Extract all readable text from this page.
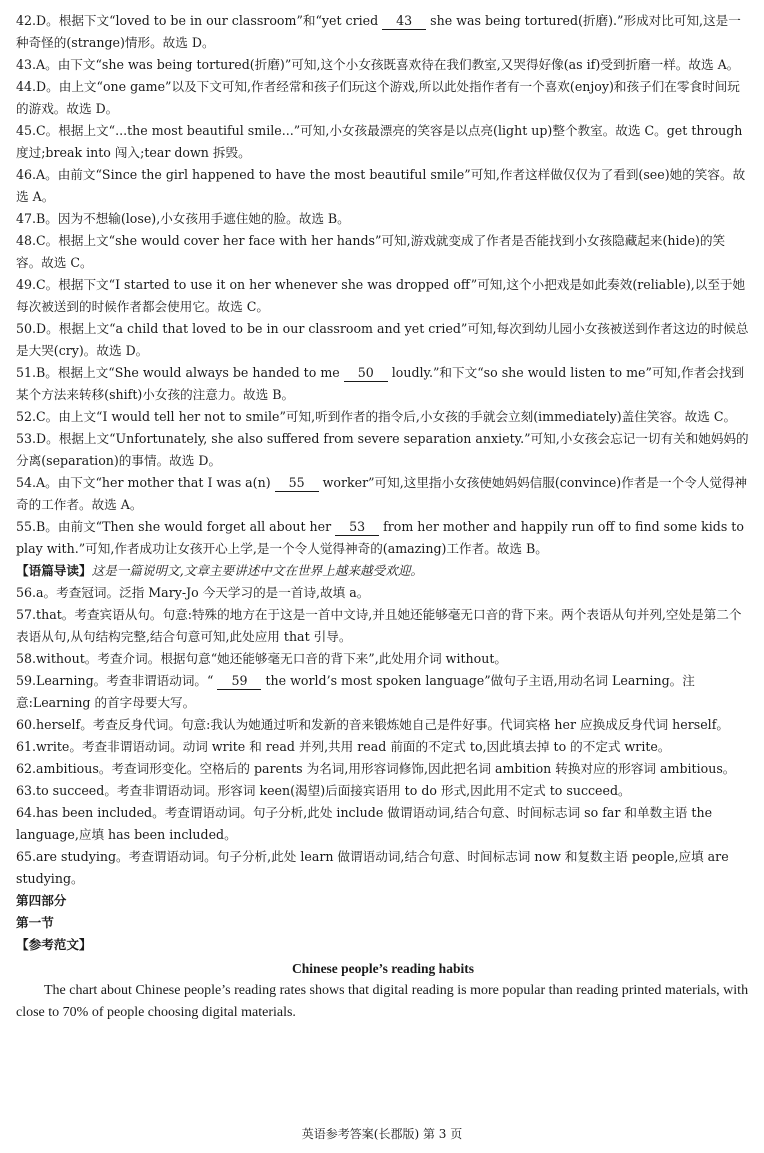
42.D。根据下文“loved to be in our classroom”和“yet cried 43 she was being tortured(折磨).”形成对比可知,这是一种奇怪的(strange)情形。故选 D。

43.A。由下文“she was being tortured(折磨)”可知,这个小女孩既喜欢待在我们教室,又哭得好像(as if)受到折磨一样。故选 A。

44.D。由上文“one game”以及下文可知,作者经常和孩子们玩这个游戏,所以此处指作者有一个喜欢(enjoy)和孩子们在零食时间玩的游戏。故选 D。

45.C。根据上文“...the most beautiful smile...”可知,小女孩最漂亮的笑容是以点亮(light up)整个教室。故选 C。get through 度过;break into 闯入;tear down 拆毁。

46.A。由前文“Since the girl happened to have the most beautiful smile”可知,作者这样做仅仅为了看到(see)她的笑容。故选 A。

47.B。因为不想输(lose),小女孩用手遮住她的脸。故选 B。

48.C。根据上文“she would cover her face with her hands”可知,游戏就变成了作者是否能找到小女孩隐藏起来(hide)的笑容。故选 C。

49.C。根据下文“I started to use it on her whenever she was dropped off”可知,这个小把戏是如此奏效(reliable),以至于她每次被送到的时候作者都会使用它。故选 C。

50.D。根据上文“a child that loved to be in our classroom and yet cried”可知,每次到幼儿园小女孩被送到作者这边的时候总是大哭(cry)。故选 D。

51.B。根据上文“She would always be handed to me 50 loudly.”和下文“so she would listen to me”可知,作者会找到某个方法来转移(shift)小女孩的注意力。故选 B。

52.C。由上文“I would tell her not to smile”可知,听到作者的指令后,小女孩的手就会立刻(immediately)盖住笑容。故选 C。

53.D。根据上文“Unfortunately, she also suffered from severe separation anxiety.”可知,小女孩会忘记一切有关和她妈妈的分离(separation)的事情。故选 D。

54.A。由下文“her mother that I was a(n) 55 worker”可知,这里指小女孩使她妈妈信服(convince)作者是一个令人觉得神奇的工作者。故选 A。

55.B。由前文“Then she would forget all about her 53 from her mother and happily run off to find some kids to play with.”可知,作者成功让女孩开心上学,是一个令人觉得神奇的(amazing)工作者。故选 B。

【语篇导读】这是一篇说明文,文章主要讲述中文在世界上越来越受欢迎。

56.a。考查冠词。泛指 Mary-Jo 今天学习的是一首诗,故填 a。

57.that。考查宾语从句。句意:特殊的地方在于这是一首中文诗,并且她还能够毫无口音的背下来。两个表语从句并列,空处是第二个表语从句,从句结构完整,结合句意可知,此处应用 that 引导。

58.without。考查介词。根据句意“她还能够毫无口音的背下来”,此处用介词 without。

59.Learning。考查非谓语动词。“ 59 the world’s most spoken language”做句子主语,用动名词 Learning。注意:Learning 的首字母要大写。

60.herself。考查反身代词。句意:我认为她通过听和发新的音来锻炼她自己是件好事。代词宾格 her 应换成反身代词 herself。

61.write。考查非谓语动词。动词 write 和 read 并列,共用 read 前面的不定式 to,因此填去掉 to 的不定式 write。

62.ambitious。考查词形变化。空格后的 parents 为名词,用形容词修饰,因此把名词 ambition 转换对应的形容词 ambitious。

63.to succeed。考查非谓语动词。形容词 keen(渴望)后面接宾语用 to do 形式,因此用不定式 to succeed。

64.has been included。考查谓语动词。句子分析,此处 include 做谓语动词,结合句意、时间标志词 so far 和单数主语 the language,应填 has been included。

65.are studying。考查谓语动词。句子分析,此处 learn 做谓语动词,结合句意、时间标志词 now 和复数主语 people,应填 are studying。

第四部分

第一节

【参考范文】

Chinese people’s reading habits

The chart about Chinese people’s reading rates shows that digital reading is more popular than reading printed materials, with close to 70% of people choosing digital materials.

英语参考答案(长郡版) 第 3 页
